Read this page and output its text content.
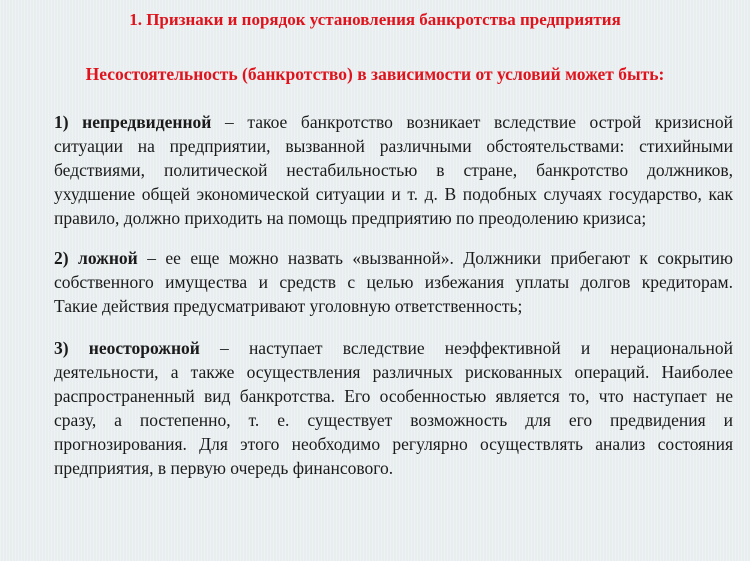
1. Признаки и порядок установления банкротства предприятия
Несостоятельность (банкротство) в зависимости от условий может быть:
1) непредвиденной – такое банкротство возникает вследствие острой кризисной
ситуации на предприятии, вызванной различными обстоятельствами: стихийными
бедствиями, политической нестабильностью в стране, банкротство должников,
ухудшение общей экономической ситуации и т. д. В подобных случаях государство, как
правило, должно приходить на помощь предприятию по преодолению кризиса;
2) ложной – ее еще можно назвать «вызванной». Должники прибегают к сокрытию
собственного имущества и средств с целью избежания уплаты долгов кредиторам.
Такие действия предусматривают уголовную ответственность;
3) неосторожной – наступает вследствие неэффективной и нерациональной
деятельности, а также осуществления различных рискованных операций. Наиболее
распространенный вид банкротства. Его особенностью является то, что наступает не
сразу, а постепенно, т. е. существует возможность для его предвидения и
прогнозирования. Для этого необходимо регулярно осуществлять анализ состояния
предприятия, в первую очередь финансового.
